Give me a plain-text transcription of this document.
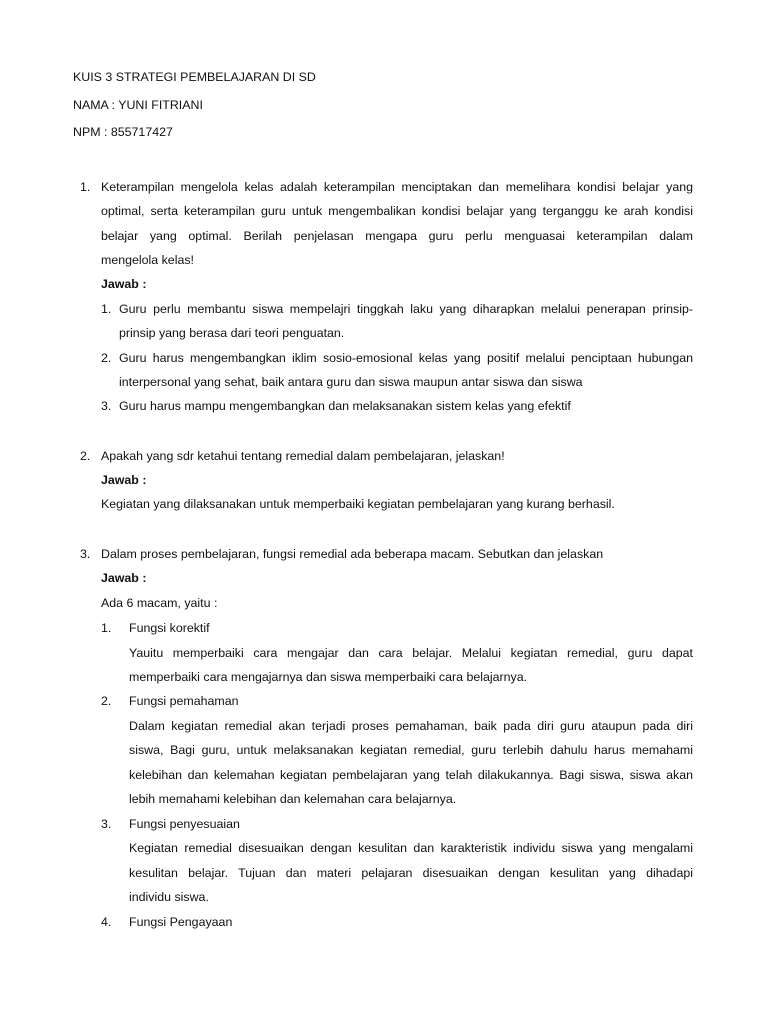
KUIS 3 STRATEGI PEMBELAJARAN DI SD
NAMA : YUNI FITRIANI
NPM : 855717427
1. Keterampilan mengelola kelas adalah keterampilan menciptakan dan memelihara kondisi belajar yang
optimal, serta keterampilan guru untuk mengembalikan kondisi belajar yang terganggu ke arah kondisi
belajar yang optimal. Berilah penjelasan mengapa guru perlu menguasai keterampilan dalam
mengelola kelas!
Jawab :
1. Guru perlu membantu siswa mempelajri tinggkah laku yang diharapkan melalui penerapan prinsip-
prinsip yang berasa dari teori penguatan.
2. Guru harus mengembangkan iklim sosio-emosional kelas yang positif melalui penciptaan hubungan
interpersonal yang sehat, baik antara guru dan siswa maupun antar siswa dan siswa
3. Guru harus mampu mengembangkan dan melaksanakan sistem kelas yang efektif
2. Apakah yang sdr ketahui tentang remedial dalam pembelajaran, jelaskan!
Jawab :
Kegiatan yang dilaksanakan untuk memperbaiki kegiatan pembelajaran yang kurang berhasil.
3. Dalam proses pembelajaran, fungsi remedial ada beberapa macam. Sebutkan dan jelaskan
Jawab :
Ada 6 macam, yaitu :
1. Fungsi korektif
Yauitu memperbaiki cara mengajar dan cara belajar. Melalui kegiatan remedial, guru dapat
memperbaiki cara mengajarnya dan siswa memperbaiki cara belajarnya.
2. Fungsi pemahaman
Dalam kegiatan remedial akan terjadi proses pemahaman, baik pada diri guru ataupun pada diri
siswa, Bagi guru, untuk melaksanakan kegiatan remedial, guru terlebih dahulu harus memahami
kelebihan dan kelemahan kegiatan pembelajaran yang telah dilakukannya. Bagi siswa, siswa akan
lebih memahami kelebihan dan kelemahan cara belajarnya.
3. Fungsi penyesuaian
Kegiatan remedial disesuaikan dengan kesulitan dan karakteristik individu siswa yang mengalami
kesulitan belajar. Tujuan dan materi pelajaran disesuaikan dengan kesulitan yang dihadapi
individu siswa.
4. Fungsi Pengayaan
